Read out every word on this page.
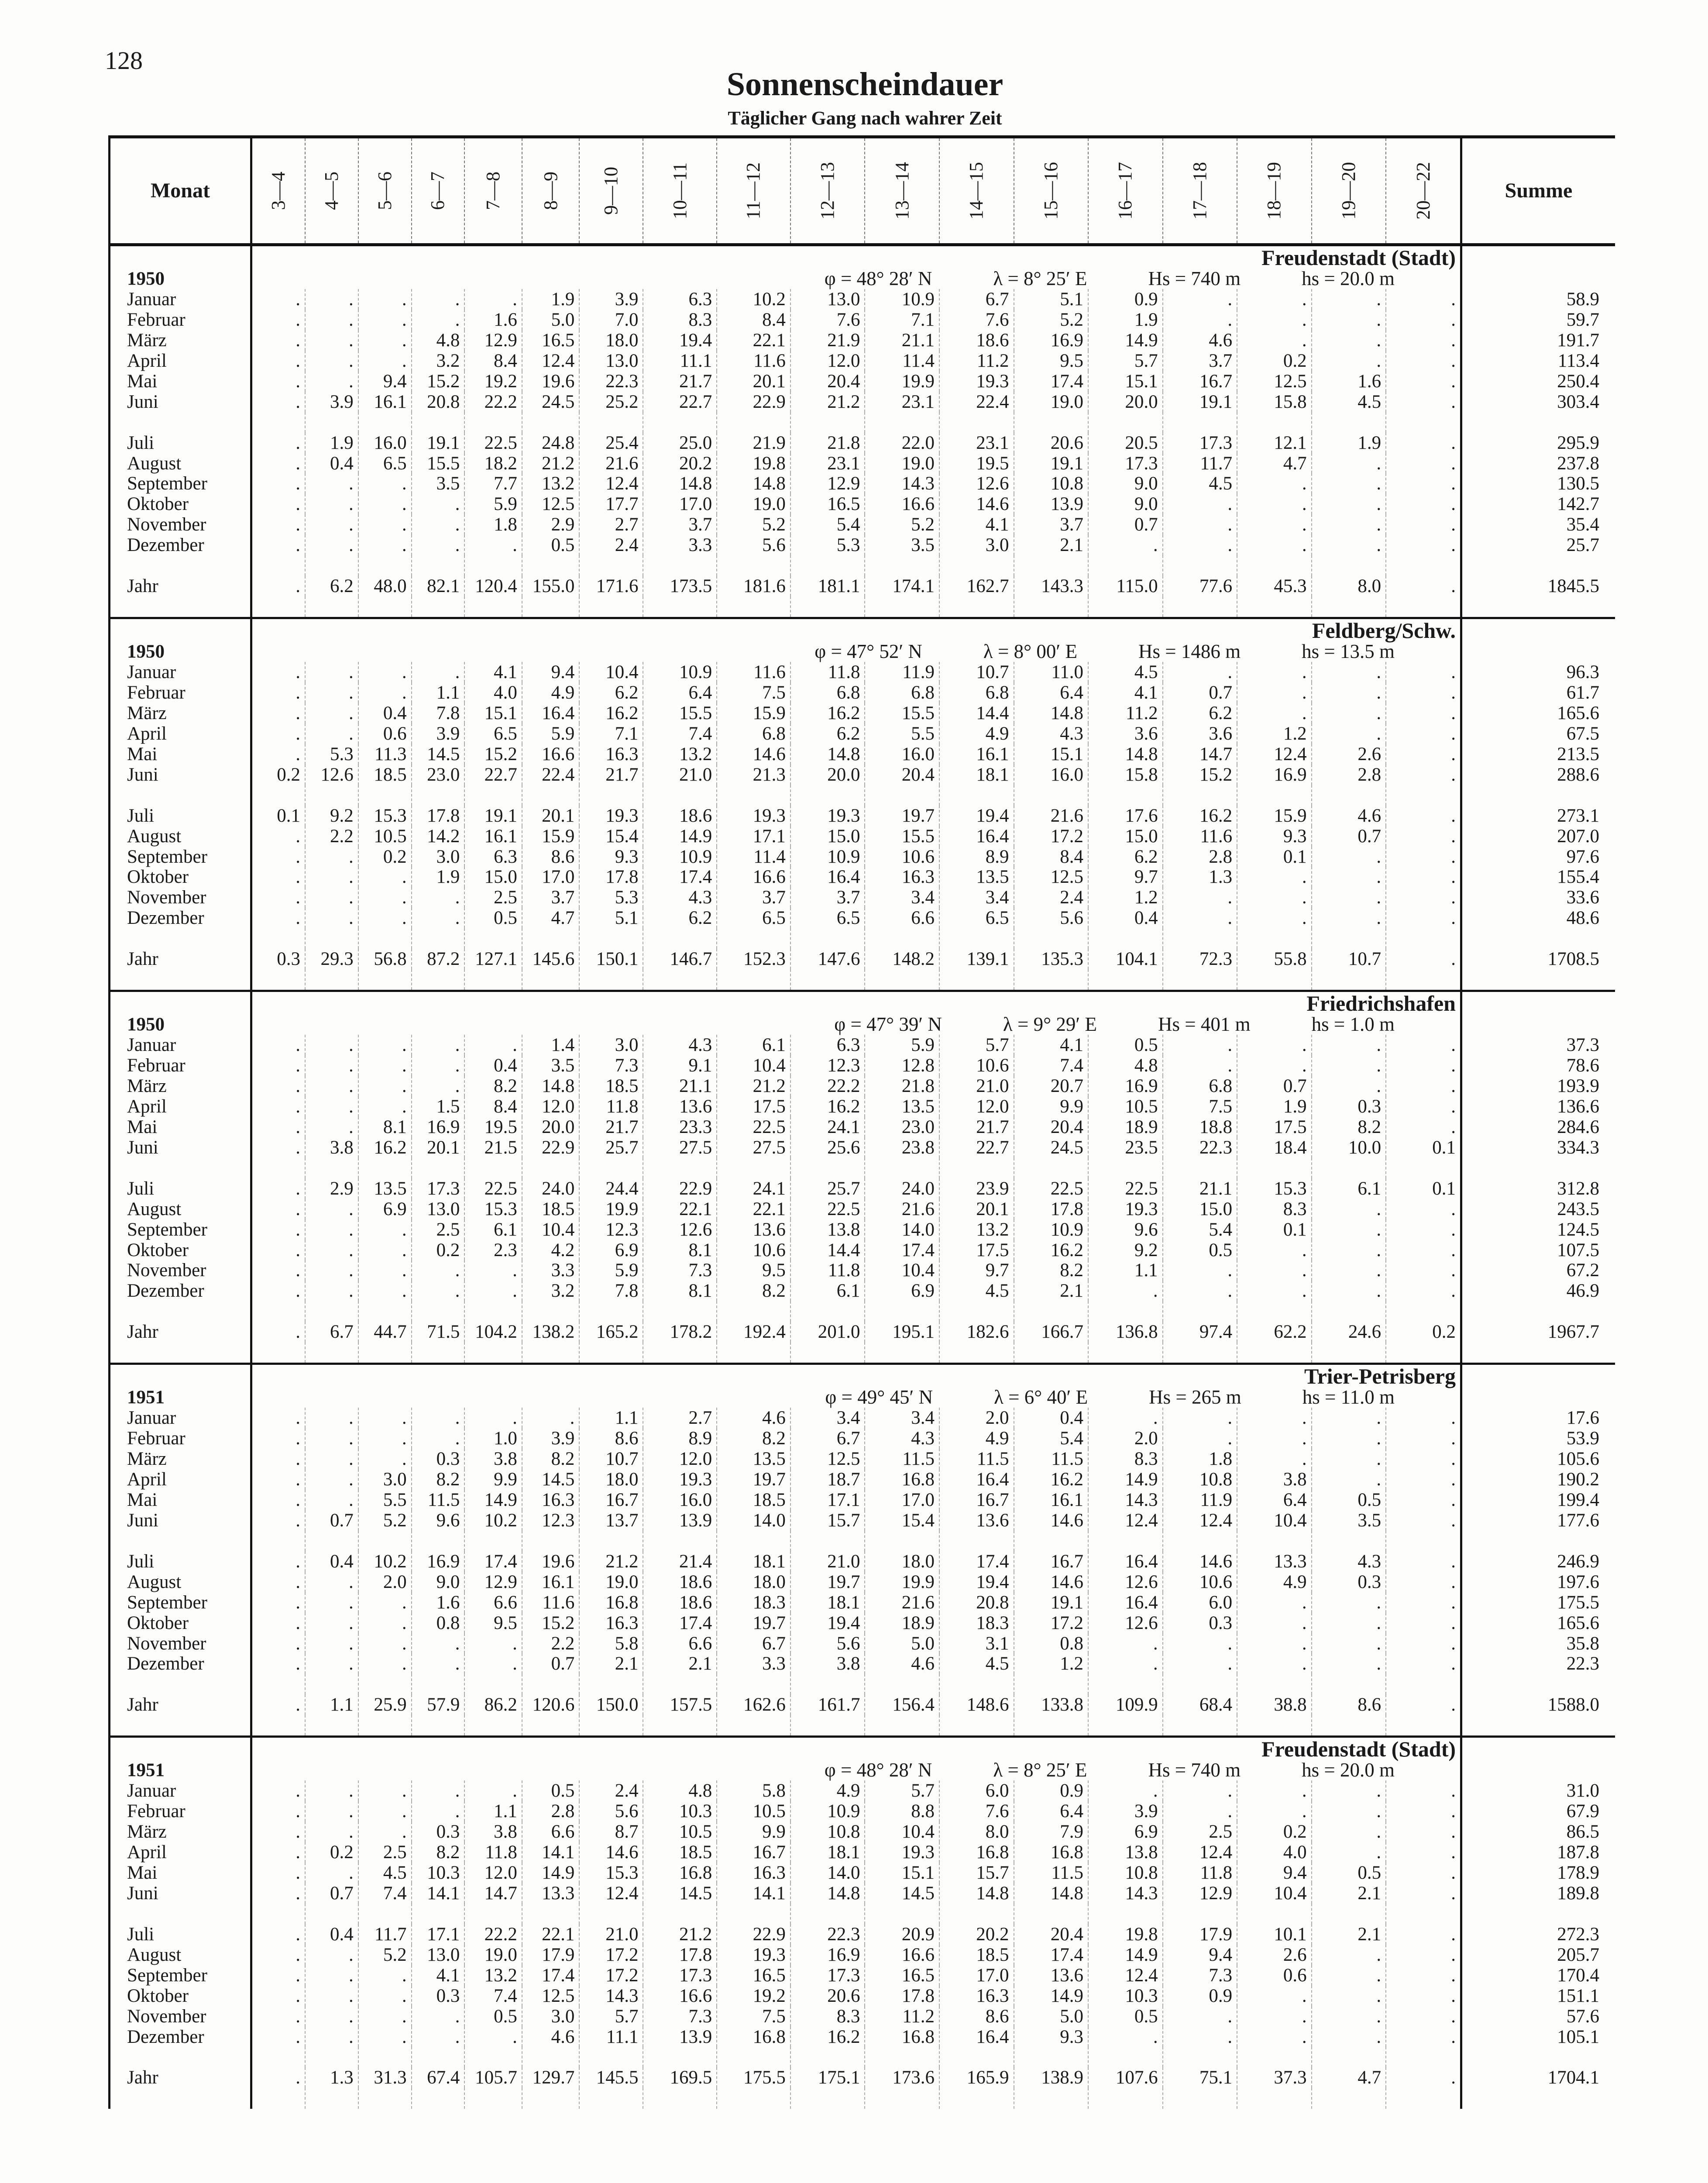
128
Sonnenscheindauer
Täglicher Gang nach wahrer Zeit
Monat	3—4	4—5	5—6	6—7	7—8	8—9	9—10	10—11	11—12	12—13	13—14	14—15	15—16	16—17	17—18	18—19	19—20	20—22	Summe
	Freudenstadt (Stadt)																		
1950	φ = 48° 28′ N λ = 8° 25′ E Hs = 740 m hs = 20.0 m																		
Januar	.	.	.	.	.	1.9	3.9	6.3	10.2	13.0	10.9	6.7	5.1	0.9	.	.	.	.	58.9
Februar	.	.	.	.	1.6	5.0	7.0	8.3	8.4	7.6	7.1	7.6	5.2	1.9	.	.	.	.	59.7
März	.	.	.	4.8	12.9	16.5	18.0	19.4	22.1	21.9	21.1	18.6	16.9	14.9	4.6	.	.	.	191.7
April	.	.	.	3.2	8.4	12.4	13.0	11.1	11.6	12.0	11.4	11.2	9.5	5.7	3.7	0.2	.	.	113.4
Mai	.	.	9.4	15.2	19.2	19.6	22.3	21.7	20.1	20.4	19.9	19.3	17.4	15.1	16.7	12.5	1.6	.	250.4
Juni	.	3.9	16.1	20.8	22.2	24.5	25.2	22.7	22.9	21.2	23.1	22.4	19.0	20.0	19.1	15.8	4.5	.	303.4

Juli	.	1.9	16.0	19.1	22.5	24.8	25.4	25.0	21.9	21.8	22.0	23.1	20.6	20.5	17.3	12.1	1.9	.	295.9
August	.	0.4	6.5	15.5	18.2	21.2	21.6	20.2	19.8	23.1	19.0	19.5	19.1	17.3	11.7	4.7	.	.	237.8
September	.	.	.	3.5	7.7	13.2	12.4	14.8	14.8	12.9	14.3	12.6	10.8	9.0	4.5	.	.	.	130.5
Oktober	.	.	.	.	5.9	12.5	17.7	17.0	19.0	16.5	16.6	14.6	13.9	9.0	.	.	.	.	142.7
November	.	.	.	.	1.8	2.9	2.7	3.7	5.2	5.4	5.2	4.1	3.7	0.7	.	.	.	.	35.4
Dezember	.	.	.	.	.	0.5	2.4	3.3	5.6	5.3	3.5	3.0	2.1	.	.	.	.	.	25.7

Jahr	.	6.2	48.0	82.1	120.4	155.0	171.6	173.5	181.6	181.1	174.1	162.7	143.3	115.0	77.6	45.3	8.0	.	1845.5

	Feldberg/Schw.																		
1950	φ = 47° 52′ N λ = 8° 00′ E Hs = 1486 m hs = 13.5 m																		
Januar	.	.	.	.	4.1	9.4	10.4	10.9	11.6	11.8	11.9	10.7	11.0	4.5	.	.	.	.	96.3
Februar	.	.	.	1.1	4.0	4.9	6.2	6.4	7.5	6.8	6.8	6.8	6.4	4.1	0.7	.	.	.	61.7
März	.	.	0.4	7.8	15.1	16.4	16.2	15.5	15.9	16.2	15.5	14.4	14.8	11.2	6.2	.	.	.	165.6
April	.	.	0.6	3.9	6.5	5.9	7.1	7.4	6.8	6.2	5.5	4.9	4.3	3.6	3.6	1.2	.	.	67.5
Mai	.	5.3	11.3	14.5	15.2	16.6	16.3	13.2	14.6	14.8	16.0	16.1	15.1	14.8	14.7	12.4	2.6	.	213.5
Juni	0.2	12.6	18.5	23.0	22.7	22.4	21.7	21.0	21.3	20.0	20.4	18.1	16.0	15.8	15.2	16.9	2.8	.	288.6

Juli	0.1	9.2	15.3	17.8	19.1	20.1	19.3	18.6	19.3	19.3	19.7	19.4	21.6	17.6	16.2	15.9	4.6	.	273.1
August	.	2.2	10.5	14.2	16.1	15.9	15.4	14.9	17.1	15.0	15.5	16.4	17.2	15.0	11.6	9.3	0.7	.	207.0
September	.	.	0.2	3.0	6.3	8.6	9.3	10.9	11.4	10.9	10.6	8.9	8.4	6.2	2.8	0.1	.	.	97.6
Oktober	.	.	.	1.9	15.0	17.0	17.8	17.4	16.6	16.4	16.3	13.5	12.5	9.7	1.3	.	.	.	155.4
November	.	.	.	.	2.5	3.7	5.3	4.3	3.7	3.7	3.4	3.4	2.4	1.2	.	.	.	.	33.6
Dezember	.	.	.	.	0.5	4.7	5.1	6.2	6.5	6.5	6.6	6.5	5.6	0.4	.	.	.	.	48.6

Jahr	0.3	29.3	56.8	87.2	127.1	145.6	150.1	146.7	152.3	147.6	148.2	139.1	135.3	104.1	72.3	55.8	10.7	.	1708.5

	Friedrichshafen																		
1950	φ = 47° 39′ N λ = 9° 29′ E Hs = 401 m hs = 1.0 m																		
Januar	.	.	.	.	.	1.4	3.0	4.3	6.1	6.3	5.9	5.7	4.1	0.5	.	.	.	.	37.3
Februar	.	.	.	.	0.4	3.5	7.3	9.1	10.4	12.3	12.8	10.6	7.4	4.8	.	.	.	.	78.6
März	.	.	.	.	8.2	14.8	18.5	21.1	21.2	22.2	21.8	21.0	20.7	16.9	6.8	0.7	.	.	193.9
April	.	.	.	1.5	8.4	12.0	11.8	13.6	17.5	16.2	13.5	12.0	9.9	10.5	7.5	1.9	0.3	.	136.6
Mai	.	.	8.1	16.9	19.5	20.0	21.7	23.3	22.5	24.1	23.0	21.7	20.4	18.9	18.8	17.5	8.2	.	284.6
Juni	.	3.8	16.2	20.1	21.5	22.9	25.7	27.5	27.5	25.6	23.8	22.7	24.5	23.5	22.3	18.4	10.0	0.1	334.3

Juli	.	2.9	13.5	17.3	22.5	24.0	24.4	22.9	24.1	25.7	24.0	23.9	22.5	22.5	21.1	15.3	6.1	0.1	312.8
August	.	.	6.9	13.0	15.3	18.5	19.9	22.1	22.1	22.5	21.6	20.1	17.8	19.3	15.0	8.3	.	.	243.5
September	.	.	.	2.5	6.1	10.4	12.3	12.6	13.6	13.8	14.0	13.2	10.9	9.6	5.4	0.1	.	.	124.5
Oktober	.	.	.	0.2	2.3	4.2	6.9	8.1	10.6	14.4	17.4	17.5	16.2	9.2	0.5	.	.	.	107.5
November	.	.	.	.	.	3.3	5.9	7.3	9.5	11.8	10.4	9.7	8.2	1.1	.	.	.	.	67.2
Dezember	.	.	.	.	.	3.2	7.8	8.1	8.2	6.1	6.9	4.5	2.1	.	.	.	.	.	46.9

Jahr	.	6.7	44.7	71.5	104.2	138.2	165.2	178.2	192.4	201.0	195.1	182.6	166.7	136.8	97.4	62.2	24.6	0.2	1967.7

	Trier-Petrisberg																		
1951	φ = 49° 45′ N λ = 6° 40′ E Hs = 265 m hs = 11.0 m																		
Januar	.	.	.	.	.	.	1.1	2.7	4.6	3.4	3.4	2.0	0.4	.	.	.	.	.	17.6
Februar	.	.	.	.	1.0	3.9	8.6	8.9	8.2	6.7	4.3	4.9	5.4	2.0	.	.	.	.	53.9
März	.	.	.	0.3	3.8	8.2	10.7	12.0	13.5	12.5	11.5	11.5	11.5	8.3	1.8	.	.	.	105.6
April	.	.	3.0	8.2	9.9	14.5	18.0	19.3	19.7	18.7	16.8	16.4	16.2	14.9	10.8	3.8	.	.	190.2
Mai	.	.	5.5	11.5	14.9	16.3	16.7	16.0	18.5	17.1	17.0	16.7	16.1	14.3	11.9	6.4	0.5	.	199.4
Juni	.	0.7	5.2	9.6	10.2	12.3	13.7	13.9	14.0	15.7	15.4	13.6	14.6	12.4	12.4	10.4	3.5	.	177.6

Juli	.	0.4	10.2	16.9	17.4	19.6	21.2	21.4	18.1	21.0	18.0	17.4	16.7	16.4	14.6	13.3	4.3	.	246.9
August	.	.	2.0	9.0	12.9	16.1	19.0	18.6	18.0	19.7	19.9	19.4	14.6	12.6	10.6	4.9	0.3	.	197.6
September	.	.	.	1.6	6.6	11.6	16.8	18.6	18.3	18.1	21.6	20.8	19.1	16.4	6.0	.	.	.	175.5
Oktober	.	.	.	0.8	9.5	15.2	16.3	17.4	19.7	19.4	18.9	18.3	17.2	12.6	0.3	.	.	.	165.6
November	.	.	.	.	.	2.2	5.8	6.6	6.7	5.6	5.0	3.1	0.8	.	.	.	.	.	35.8
Dezember	.	.	.	.	.	0.7	2.1	2.1	3.3	3.8	4.6	4.5	1.2	.	.	.	.	.	22.3

Jahr	.	1.1	25.9	57.9	86.2	120.6	150.0	157.5	162.6	161.7	156.4	148.6	133.8	109.9	68.4	38.8	8.6	.	1588.0

	Freudenstadt (Stadt)																		
1951	φ = 48° 28′ N λ = 8° 25′ E Hs = 740 m hs = 20.0 m																		
Januar	.	.	.	.	.	0.5	2.4	4.8	5.8	4.9	5.7	6.0	0.9	.	.	.	.	.	31.0
Februar	.	.	.	.	1.1	2.8	5.6	10.3	10.5	10.9	8.8	7.6	6.4	3.9	.	.	.	.	67.9
März	.	.	.	0.3	3.8	6.6	8.7	10.5	9.9	10.8	10.4	8.0	7.9	6.9	2.5	0.2	.	.	86.5
April	.	0.2	2.5	8.2	11.8	14.1	14.6	18.5	16.7	18.1	19.3	16.8	16.8	13.8	12.4	4.0	.	.	187.8
Mai	.	.	4.5	10.3	12.0	14.9	15.3	16.8	16.3	14.0	15.1	15.7	11.5	10.8	11.8	9.4	0.5	.	178.9
Juni	.	0.7	7.4	14.1	14.7	13.3	12.4	14.5	14.1	14.8	14.5	14.8	14.8	14.3	12.9	10.4	2.1	.	189.8

Juli	.	0.4	11.7	17.1	22.2	22.1	21.0	21.2	22.9	22.3	20.9	20.2	20.4	19.8	17.9	10.1	2.1	.	272.3
August	.	.	5.2	13.0	19.0	17.9	17.2	17.8	19.3	16.9	16.6	18.5	17.4	14.9	9.4	2.6	.	.	205.7
September	.	.	.	4.1	13.2	17.4	17.2	17.3	16.5	17.3	16.5	17.0	13.6	12.4	7.3	0.6	.	.	170.4
Oktober	.	.	.	0.3	7.4	12.5	14.3	16.6	19.2	20.6	17.8	16.3	14.9	10.3	0.9	.	.	.	151.1
November	.	.	.	.	0.5	3.0	5.7	7.3	7.5	8.3	11.2	8.6	5.0	0.5	.	.	.	.	57.6
Dezember	.	.	.	.	.	4.6	11.1	13.9	16.8	16.2	16.8	16.4	9.3	.	.	.	.	.	105.1

Jahr	.	1.3	31.3	67.4	105.7	129.7	145.5	169.5	175.5	175.1	173.6	165.9	138.9	107.6	75.1	37.3	4.7	.	1704.1
